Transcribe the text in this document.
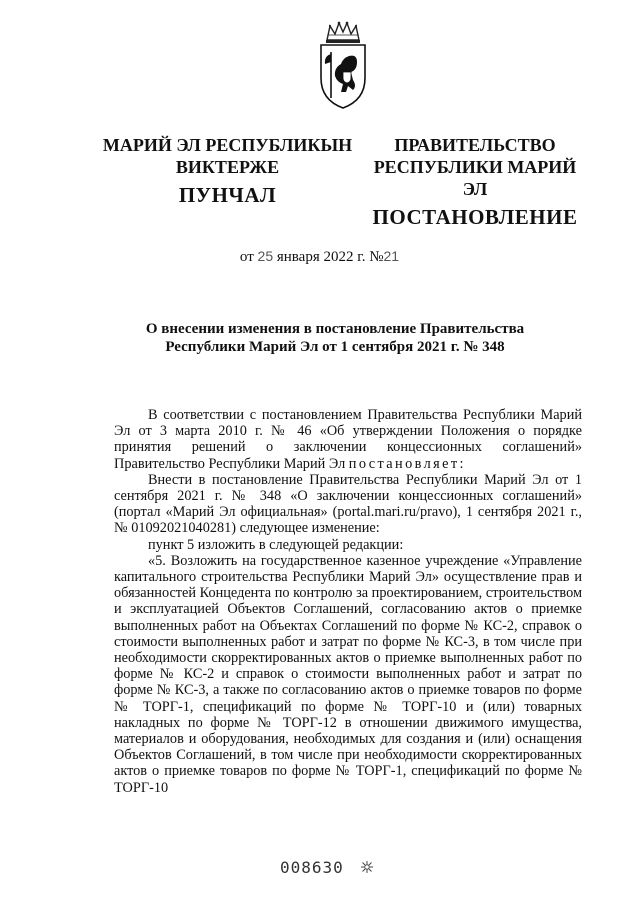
МАРИЙ ЭЛ РЕСПУБЛИКЫН
ВИКТЕРЖЕ
ПУНЧАЛ
ПРАВИТЕЛЬСТВО
РЕСПУБЛИКИ МАРИЙ ЭЛ
ПОСТАНОВЛЕНИЕ
от 25 января 2022 г. №21
О внесении изменения в постановление Правительства
Республики Марий Эл от 1 сентября 2021 г. № 348

В соответствии с постановлением Правительства Республики Марий Эл от 3 марта 2010 г. № 46 «Об утверждении Положения о порядке принятия решений о заключении концессионных соглашений» Правительство Республики Марий Эл постановляет:

Внести в постановление Правительства Республики Марий Эл от 1 сентября 2021 г. № 348 «О заключении концессионных соглашений» (портал «Марий Эл официальная» (portal.mari.ru/pravo), 1 сентября 2021 г., № 01092021040281) следующее изменение:

пункт 5 изложить в следующей редакции:

«5. Возложить на государственное казенное учреждение «Управление капитального строительства Республики Марий Эл» осуществление прав и обязанностей Концедента по контролю за проектированием, строительством и эксплуатацией Объектов Соглашений, согласованию актов о приемке выполненных работ на Объектах Соглашений по форме № КС-2, справок о стоимости выполненных работ и затрат по форме № КС-3, в том числе при необходимости скорректированных актов о приемке выполненных работ по форме № КС-2 и справок о стоимости выполненных работ и затрат по форме № КС-3, а также по согласованию актов о приемке товаров по форме № ТОРГ-1, спецификаций по форме № ТОРГ-10 и (или) товарных накладных по форме № ТОРГ-12 в отношении движимого имущества, материалов и оборудования, необходимых для создания и (или) оснащения Объектов Соглашений, в том числе при необходимости скорректированных актов о приемке товаров по форме № ТОРГ-1, спецификаций по форме № ТОРГ-10

008630
